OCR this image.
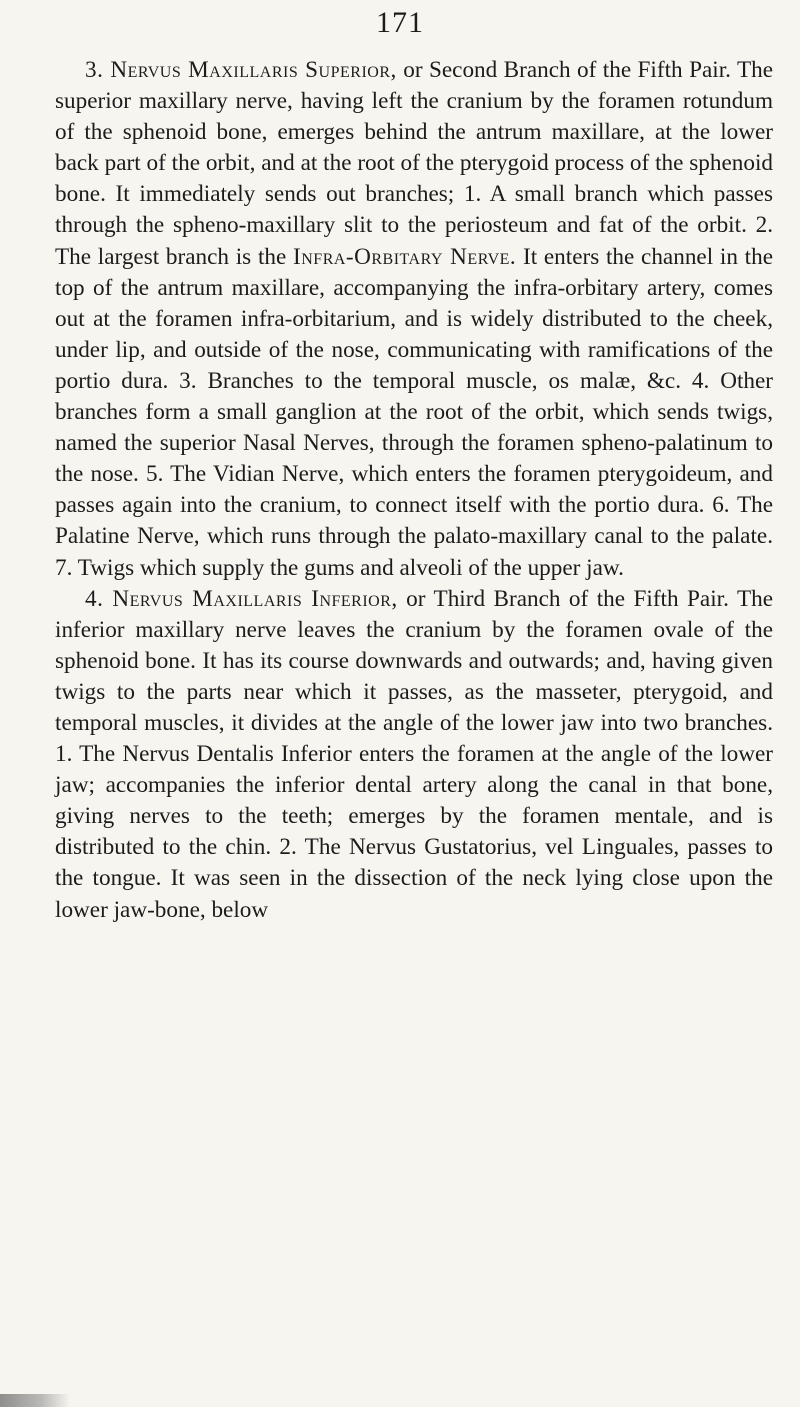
171

3. Nervus Maxillaris Superior, or Second Branch of the Fifth Pair. The superior maxillary nerve, having left the cranium by the foramen rotundum of the sphenoid bone, emerges behind the antrum maxillare, at the lower back part of the orbit, and at the root of the pterygoid process of the sphenoid bone. It immediately sends out branches; 1. A small branch which passes through the spheno-maxillary slit to the periosteum and fat of the orbit. 2. The largest branch is the Infra-Orbitary Nerve. It enters the channel in the top of the antrum maxillare, accompanying the infra-orbitary artery, comes out at the foramen infra-orbitarium, and is widely distributed to the cheek, under lip, and outside of the nose, communicating with ramifications of the portio dura. 3. Branches to the temporal muscle, os malæ, &c. 4. Other branches form a small ganglion at the root of the orbit, which sends twigs, named the superior Nasal Nerves, through the foramen spheno-palatinum to the nose. 5. The Vidian Nerve, which enters the foramen pterygoideum, and passes again into the cranium, to connect itself with the portio dura. 6. The Palatine Nerve, which runs through the palato-maxillary canal to the palate. 7. Twigs which supply the gums and alveoli of the upper jaw.

4. Nervus Maxillaris Inferior, or Third Branch of the Fifth Pair. The inferior maxillary nerve leaves the cranium by the foramen ovale of the sphenoid bone. It has its course downwards and outwards; and, having given twigs to the parts near which it passes, as the masseter, pterygoid, and temporal muscles, it divides at the angle of the lower jaw into two branches. 1. The Nervus Dentalis Inferior enters the foramen at the angle of the lower jaw; accompanies the inferior dental artery along the canal in that bone, giving nerves to the teeth; emerges by the foramen mentale, and is distributed to the chin. 2. The Nervus Gustatorius, vel Linguales, passes to the tongue. It was seen in the dissection of the neck lying close upon the lower jaw-bone, below
